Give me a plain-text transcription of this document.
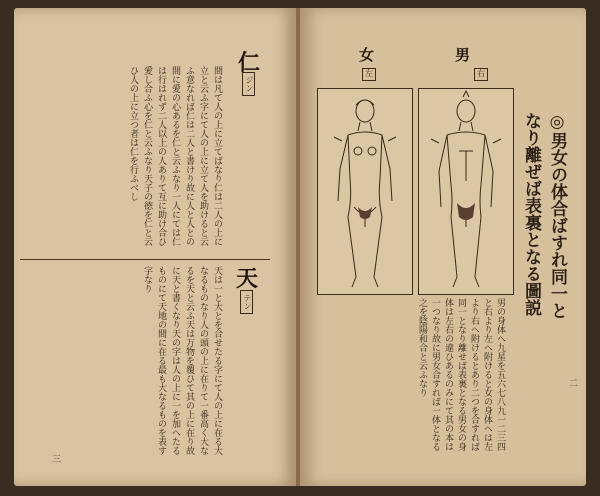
仁
ジン
間は凡て人の上に立てばなり仁は二人の上に立と云ふ字にて人の上に立て人を助けると云ふ意なれば仁は二人と書けり故に人と人との間に愛の心あるを仁と云ふなり一人にては仁は行はれず二人以上の人ありて互に助け合ひ愛し合ふ心を仁と云ふなり天子の徳を仁と云ひ人の上に立つ者は仁を行ふべし
天
テン
天は一と大とを合せたる字にて人の上に在る大なるものなり人の頭の上に在りて一番高く大なるを天と云ふ天は万物を覆ひて其の上に在り故に天と書くなり天の字は人の上に一を加へたるものにて天地の間に在る最も大なるものを表す字なり
三
男
右
女
左
◎男女の体合ばすれ同一となり離ぜば表裏となる圖説
男の身体へ九星を五六七八九一二三四と右より左へ附けると女の身体へは左より右へ附けるとあり二つを合すれば同一となり離せば表裏となる男女の身体は左右の違ひあるのみにて其の本は一つなり故に男女合すれば一体となる之を陰陽和合と云ふなり	二
